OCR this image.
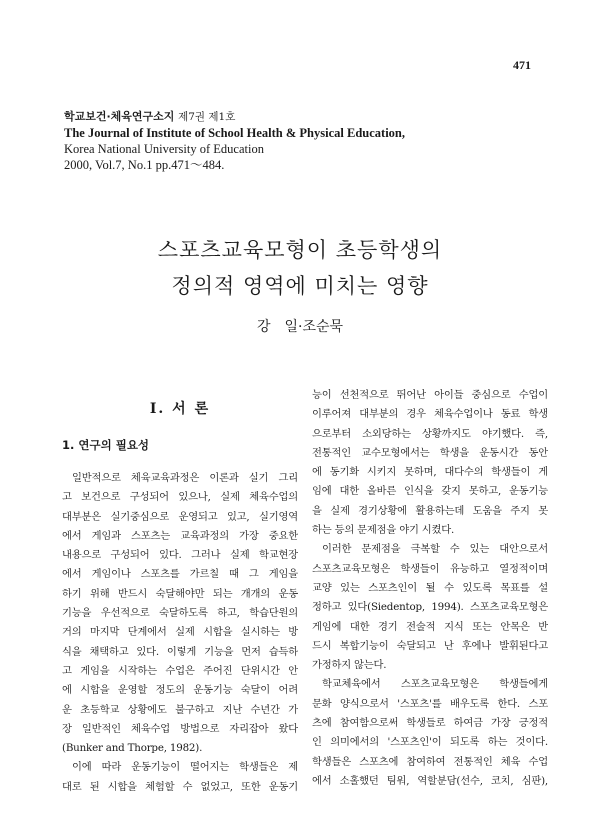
471
학교보건·체육연구소지 제7권 제1호
The Journal of Institute of School Health & Physical Education,
Korea National University of Education
2000, Vol.7, No.1 pp.471～484.
스포츠교육모형이 초등학생의
정의적 영역에 미치는 영향
강　일·조순묵
Ⅰ. 서 론
1. 연구의 필요성

일반적으로 체육교육과정은 이론과 실기 그리
고 보건으로 구성되어 있으나, 실제 체육수업의
대부분은 실기중심으로 운영되고 있고, 실기영역
에서 게임과 스포츠는 교육과정의 가장 중요한
내용으로 구성되어 있다. 그러나 실제 학교현장
에서 게임이나 스포츠를 가르칠 때 그 게임을
하기 위해 반드시 숙달해야만 되는 개개의 운동
기능을 우선적으로 숙달하도록 하고, 학습단원의
거의 마지막 단계에서 실제 시합을 실시하는 방
식을 채택하고 있다. 이렇게 기능을 먼저 습득하
고 게임을 시작하는 수업은 주어진 단위시간 안
에 시합을 운영할 정도의 운동기능 숙달이 어려
운 초등학교 상황에도 불구하고 지난 수년간 가
장 일반적인 체육수업 방법으로 자리잡아 왔다
(Bunker and Thorpe, 1982).

이에 따라 운동기능이 떨어지는 학생들은 제
대로 된 시합을 체험할 수 없었고, 또한 운동기

능이 선천적으로 뛰어난 아이들 중심으로 수업이
이루어져 대부분의 경우 체육수업이나 동료 학생
으로부터 소외당하는 상황까지도 야기했다. 즉,
전통적인 교수모형에서는 학생을 운동시간 동안
에 동기화 시키지 못하며, 대다수의 학생들이 게
임에 대한 올바른 인식을 갖지 못하고, 운동기능
을 실제 경기상황에 활용하는데 도움을 주지 못
하는 등의 문제점을 야기 시켰다.

이러한 문제점을 극복할 수 있는 대안으로서
스포츠교육모형은 학생들이 유능하고 열정적이며
교양 있는 스포츠인이 될 수 있도록 목표를 설
정하고 있다(Siedentop, 1994). 스포츠교육모형은
게임에 대한 경기 전술적 지식 또는 안목은 반
드시 복합기능이 숙달되고 난 후에나 발휘된다고
가정하지 않는다.

학교체육에서 스포츠교육모형은 학생들에게
문화 양식으로서 '스포츠'를 배우도록 한다. 스포
츠에 참여함으로써 학생들로 하여금 가장 긍정적
인 의미에서의 '스포츠인'이 되도록 하는 것이다.
학생들은 스포츠에 참여하여 전통적인 체육 수업
에서 소홀했던 팀워, 역할분담(선수, 코치, 심판),
